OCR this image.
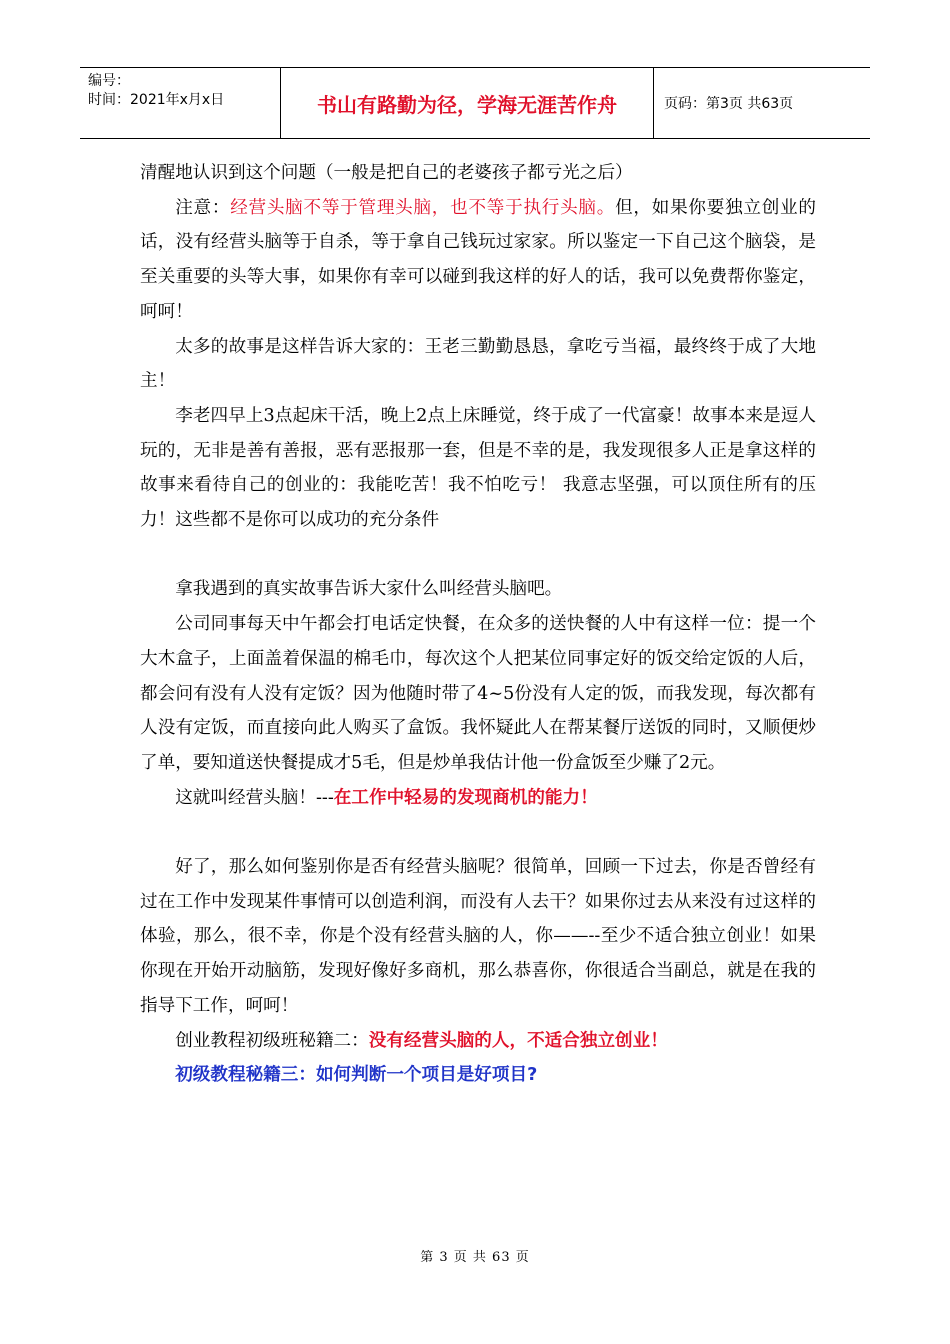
编号：
时间：2021年x月x日	书山有路勤为径，学海无涯苦作舟	页码：第3页 共63页

清醒地认识到这个问题（一般是把自己的老婆孩子都亏光之后）

注意：经营头脑不等于管理头脑，也不等于执行头脑。但，如果你要独立创业的话，没有经营头脑等于自杀，等于拿自己钱玩过家家。所以鉴定一下自己这个脑袋，是至关重要的头等大事，如果你有幸可以碰到我这样的好人的话，我可以免费帮你鉴定，呵呵！

太多的故事是这样告诉大家的：王老三勤勤恳恳，拿吃亏当福，最终终于成了大地主！

李老四早上3点起床干活，晚上2点上床睡觉，终于成了一代富豪！故事本来是逗人玩的，无非是善有善报，恶有恶报那一套，但是不幸的是，我发现很多人正是拿这样的故事来看待自己的创业的：我能吃苦！我不怕吃亏！ 我意志坚强，可以顶住所有的压力！这些都不是你可以成功的充分条件

拿我遇到的真实故事告诉大家什么叫经营头脑吧。

公司同事每天中午都会打电话定快餐，在众多的送快餐的人中有这样一位：提一个大木盒子，上面盖着保温的棉毛巾，每次这个人把某位同事定好的饭交给定饭的人后，都会问有没有人没有定饭？因为他随时带了4~5份没有人定的饭，而我发现，每次都有人没有定饭，而直接向此人购买了盒饭。我怀疑此人在帮某餐厅送饭的同时，又顺便炒了单，要知道送快餐提成才5毛，但是炒单我估计他一份盒饭至少赚了2元。

这就叫经营头脑！---在工作中轻易的发现商机的能力！

好了，那么如何鉴别你是否有经营头脑呢？很简单，回顾一下过去，你是否曾经有过在工作中发现某件事情可以创造利润，而没有人去干？如果你过去从来没有过这样的体验，那么，很不幸，你是个没有经营头脑的人，你——--至少不适合独立创业！如果你现在开始开动脑筋，发现好像好多商机，那么恭喜你，你很适合当副总，就是在我的指导下工作，呵呵！

创业教程初级班秘籍二：没有经营头脑的人，不适合独立创业！

初级教程秘籍三：如何判断一个项目是好项目?

第 3 页 共 63 页
